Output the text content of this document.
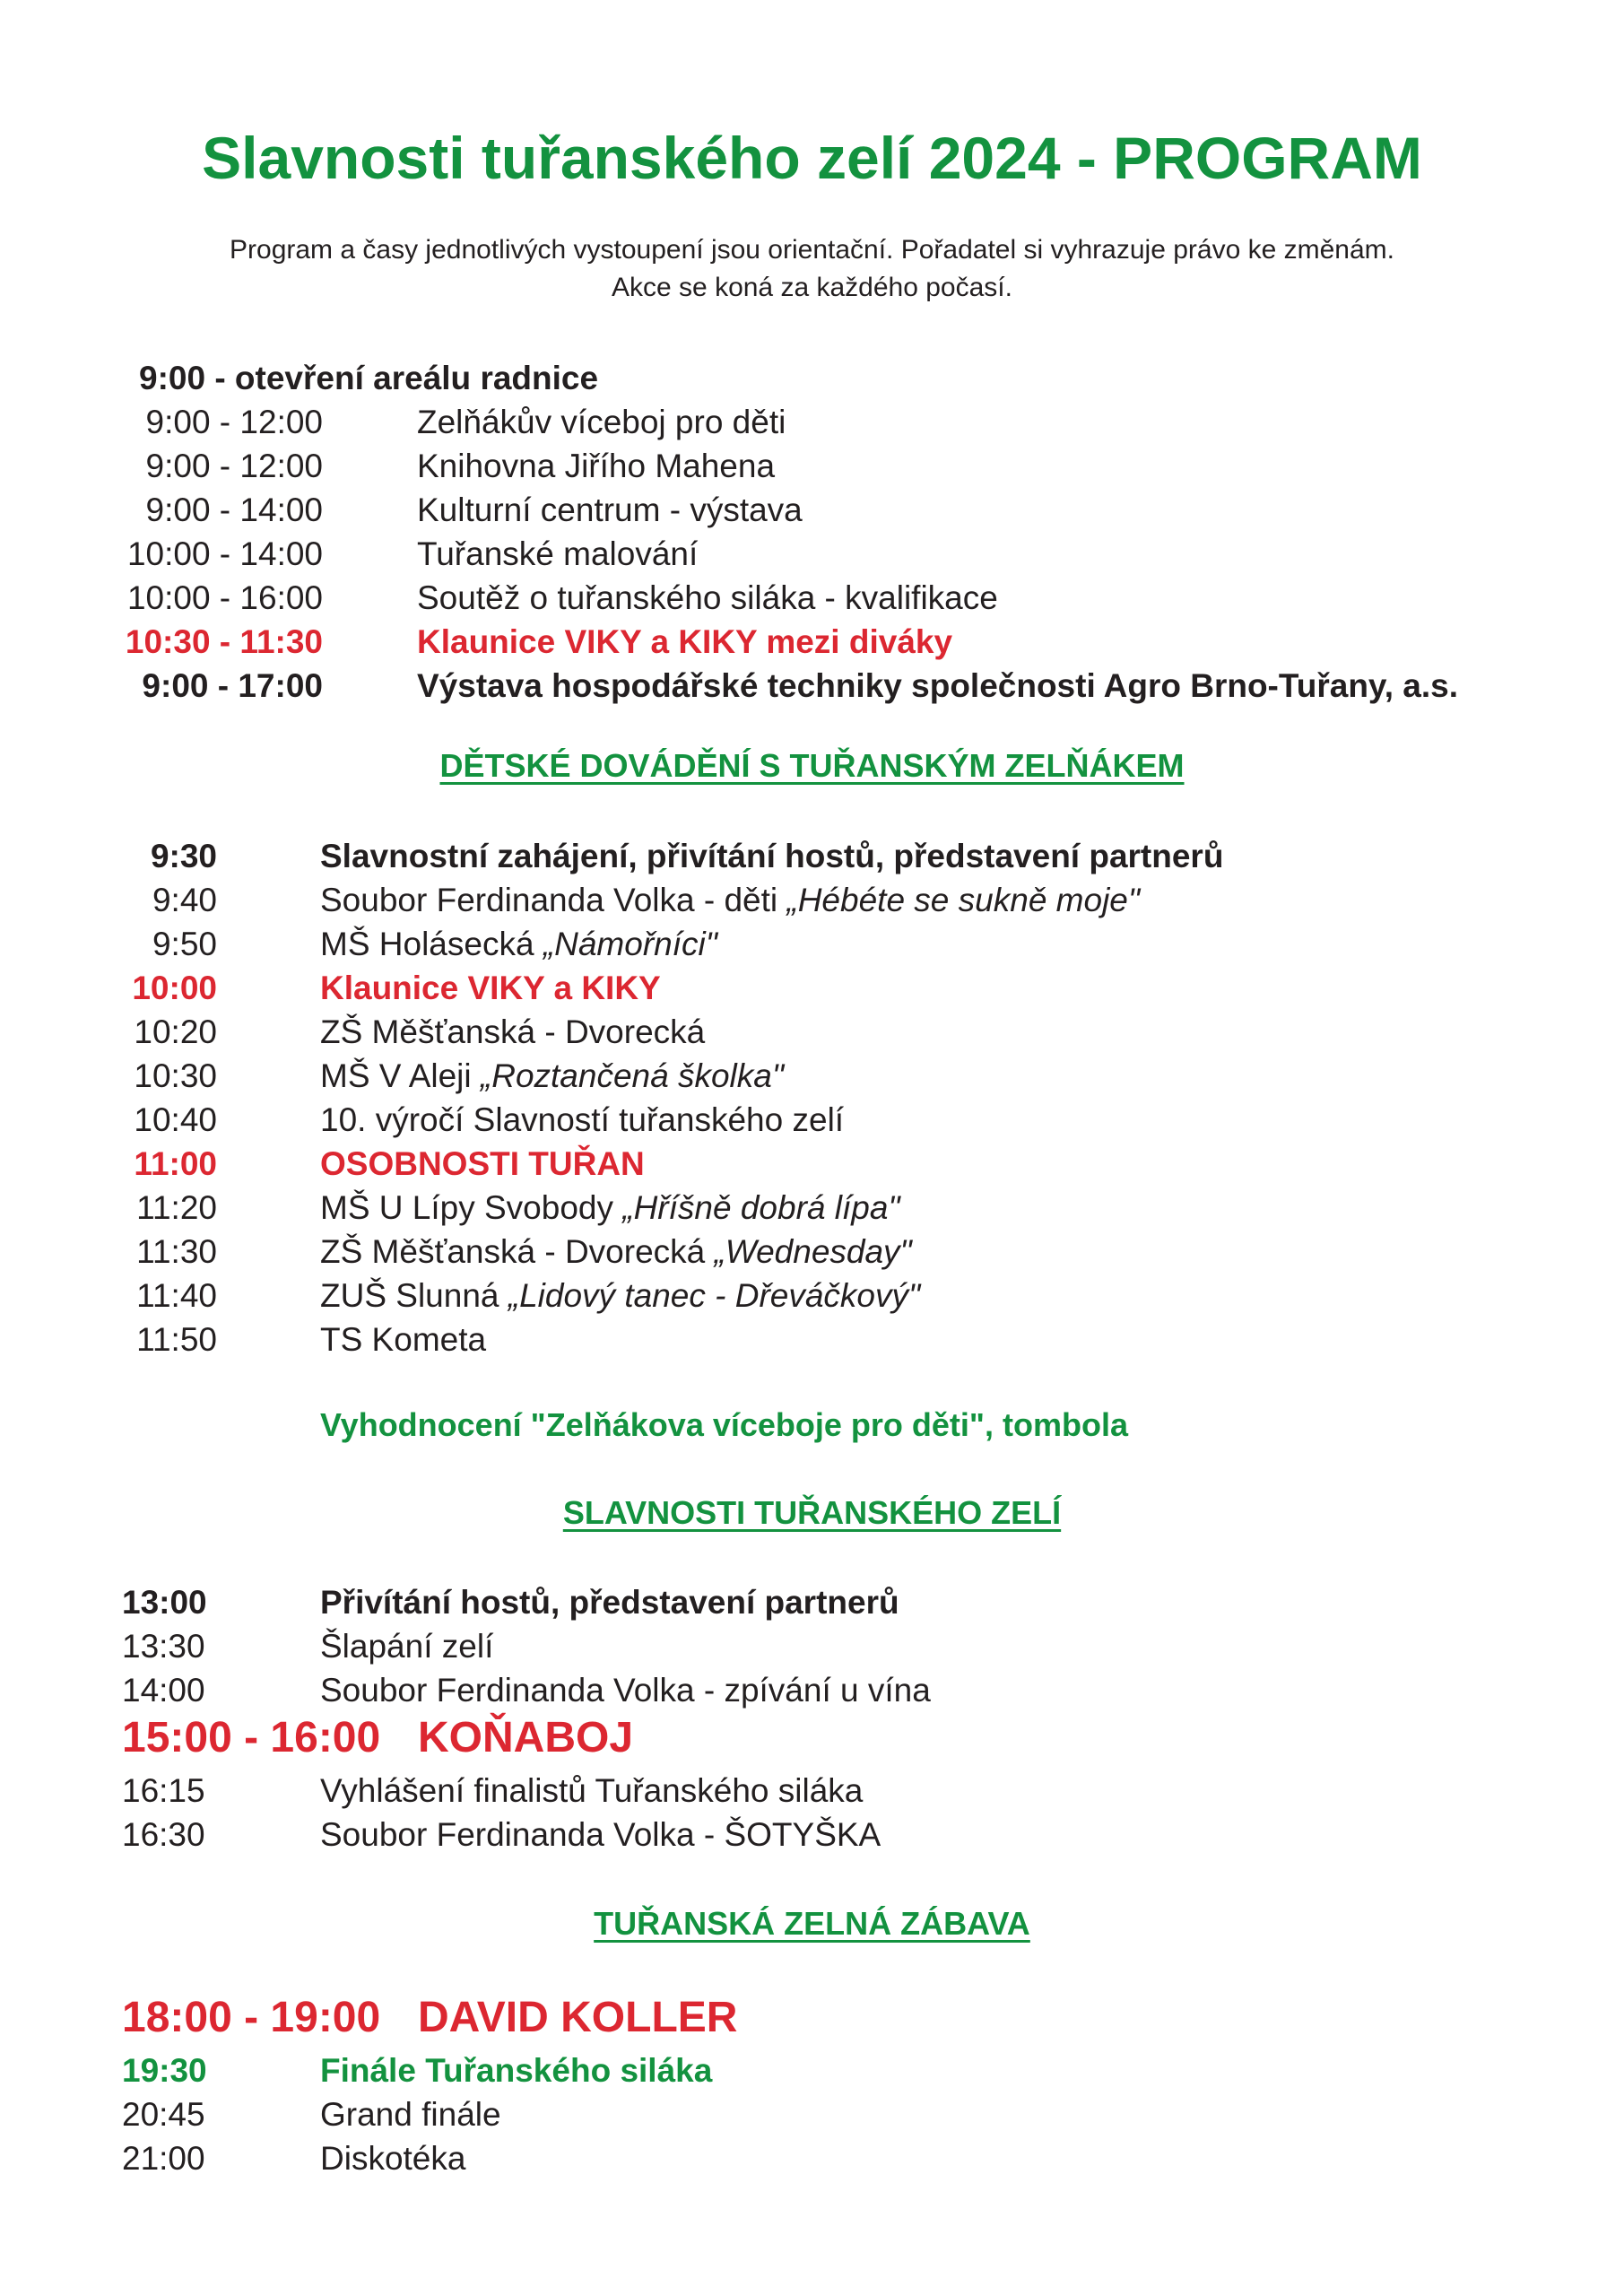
Slavnosti tuřanského zelí 2024 - PROGRAM
Program a časy jednotlivých vystoupení jsou orientační. Pořadatel si vyhrazuje právo ke změnám.
Akce se koná za každého počasí.
9:00 - otevření areálu radnice
9:00 - 12:00	Zelňákův víceboj pro děti
9:00 - 12:00	Knihovna Jiřího Mahena
9:00 - 14:00	Kulturní centrum - výstava
10:00 - 14:00	Tuřanské malování
10:00 - 16:00	Soutěž o tuřanského siláka - kvalifikace
10:30 - 11:30	Klaunice VIKY a KIKY mezi diváky
9:00 - 17:00	Výstava hospodářské techniky společnosti Agro Brno-Tuřany, a.s.
DĚTSKÉ DOVÁDĚNÍ S TUŘANSKÝM ZELŇÁKEM
9:30	Slavnostní zahájení, přivítání hostů, představení partnerů
9:40	Soubor Ferdinanda Volka - děti „Hébéte se sukně moje"
9:50	MŠ Holásecká „Námořníci"
10:00	Klaunice VIKY a KIKY
10:20	ZŠ Měšťanská - Dvorecká
10:30	MŠ V Aleji „Roztančená školka"
10:40	10. výročí Slavností tuřanského zelí
11:00	OSOBNOSTI TUŘAN
11:20	MŠ U Lípy Svobody „Hříšně dobrá lípa"
11:30	ZŠ Měšťanská - Dvorecká „Wednesday"
11:40	ZUŠ Slunná „Lidový tanec - Dřeváčkový"
11:50	TS Kometa
Vyhodnocení "Zelňákova víceboje pro děti", tombola
SLAVNOSTI TUŘANSKÉHO ZELÍ
13:00	Přivítání hostů, představení partnerů
13:30	Šlapání zelí
14:00	Soubor Ferdinanda Volka - zpívání u vína
15:00 - 16:00 KOŇABOJ
16:15	Vyhlášení finalistů Tuřanského siláka
16:30	Soubor Ferdinanda Volka - ŠOTYŠKA
TUŘANSKÁ ZELNÁ ZÁBAVA
18:00 - 19:00 DAVID KOLLER
19:30	Finále Tuřanského siláka
20:45	Grand finále
21:00	Diskotéka
